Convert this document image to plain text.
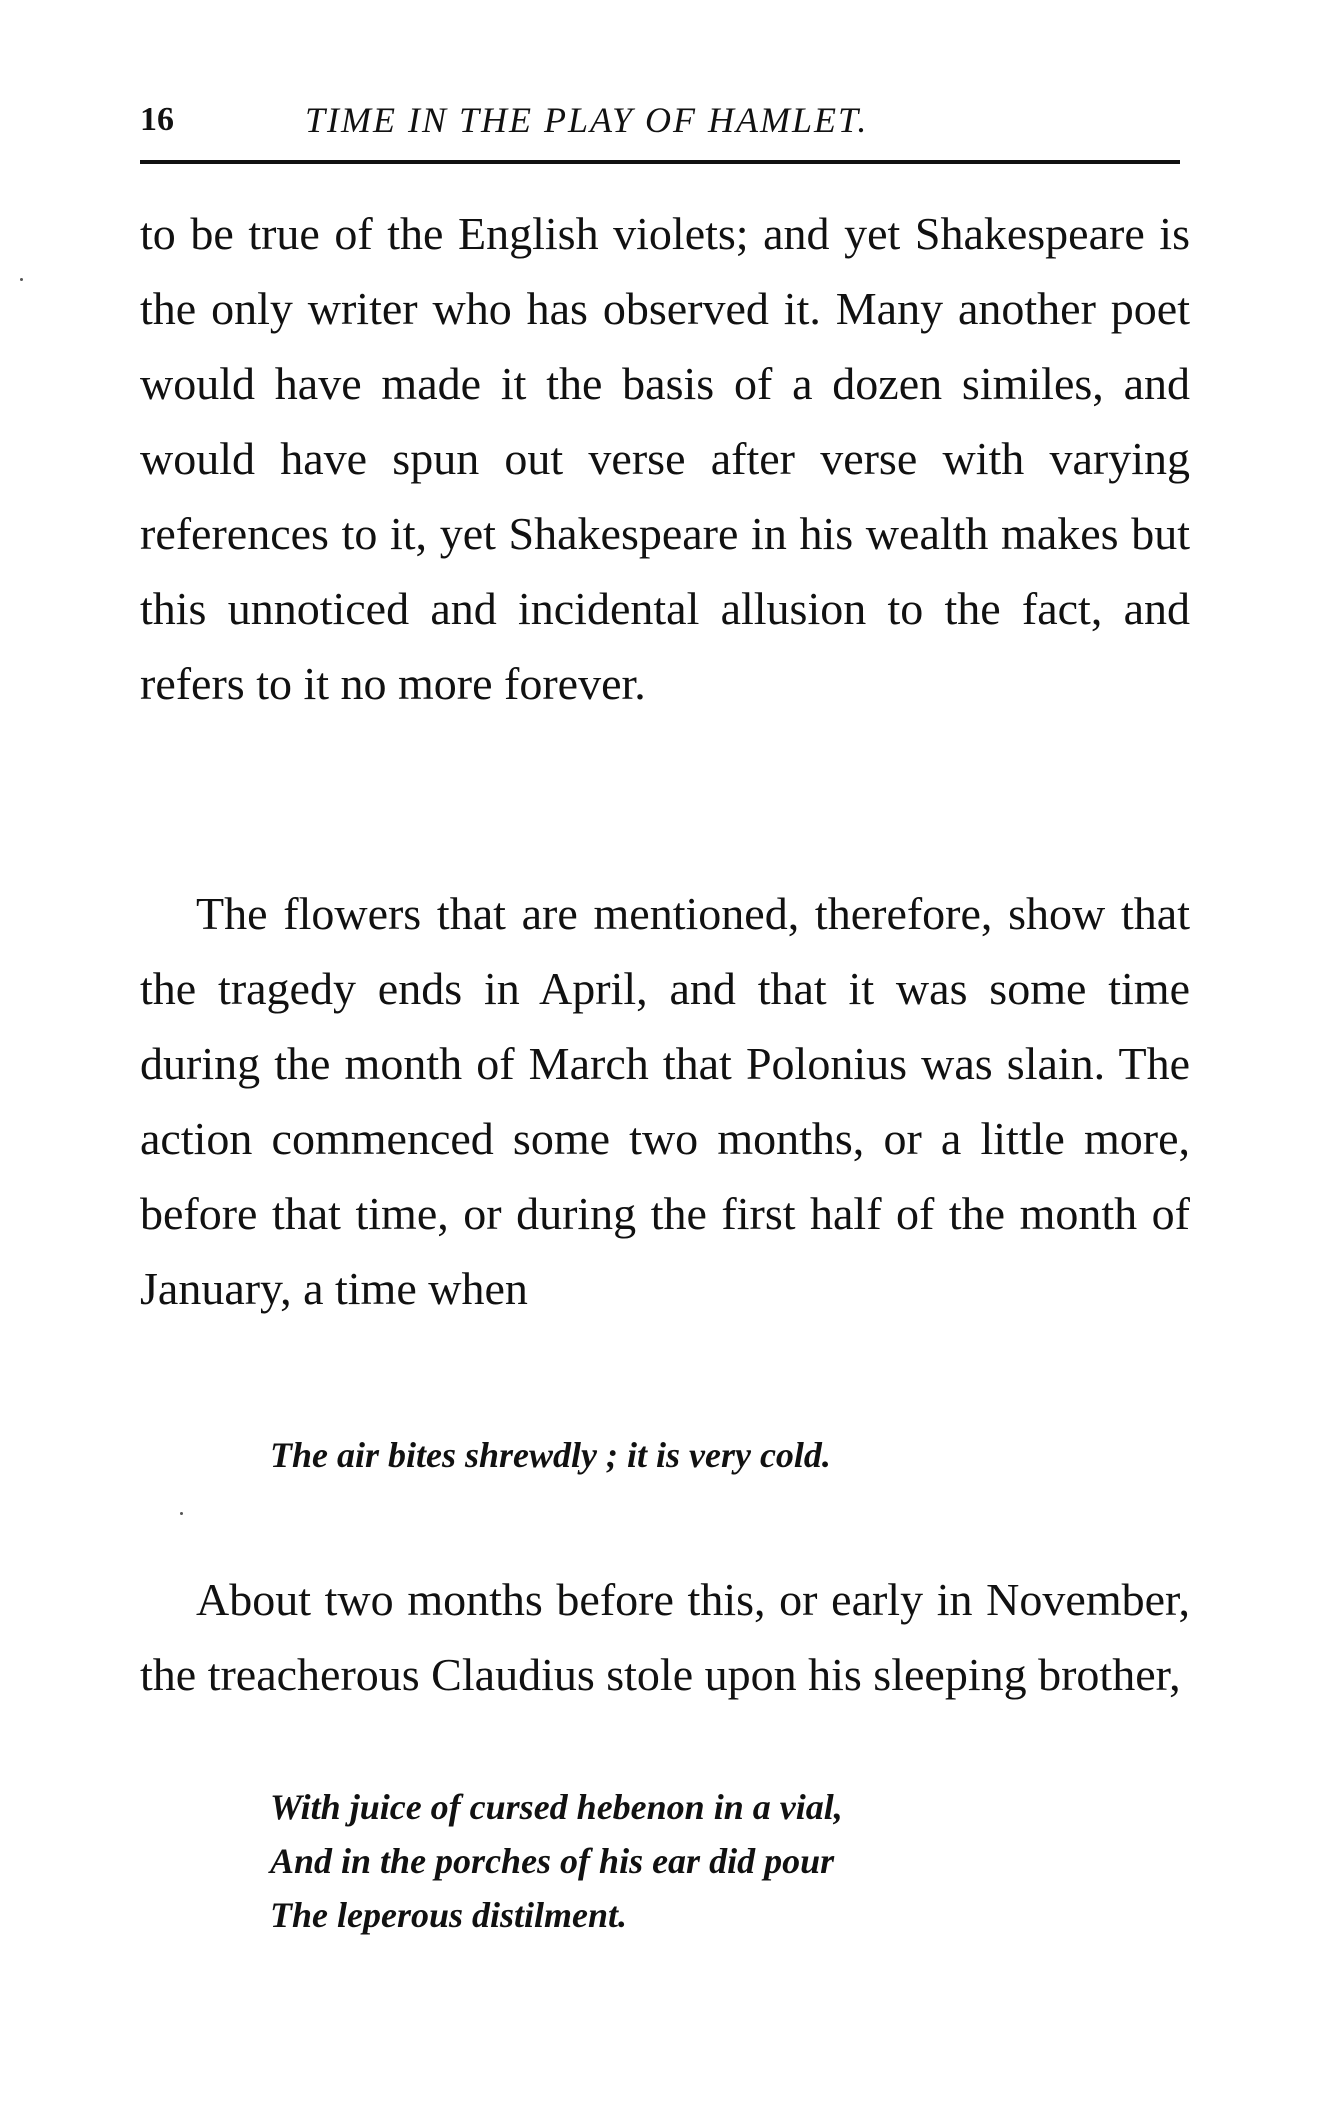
16	TIME IN THE PLAY OF HAMLET.

to be true of the English violets; and yet Shakespeare is the only writer who has observed it. Many another poet would have made it the basis of a dozen similes, and would have spun out verse after verse with varying references to it, yet Shakespeare in his wealth makes but this unnoticed and incidental allusion to the fact, and refers to it no more forever.

The flowers that are mentioned, therefore, show that the tragedy ends in April, and that it was some time during the month of March that Polonius was slain. The action commenced some two months, or a little more, before that time, or during the first half of the month of January, a time when

The air bites shrewdly ; it is very cold.

About two months before this, or early in November, the treacherous Claudius stole upon his sleeping brother,

With juice of cursed hebenon in a vial,
And in the porches of his ear did pour
The leperous distilment.
